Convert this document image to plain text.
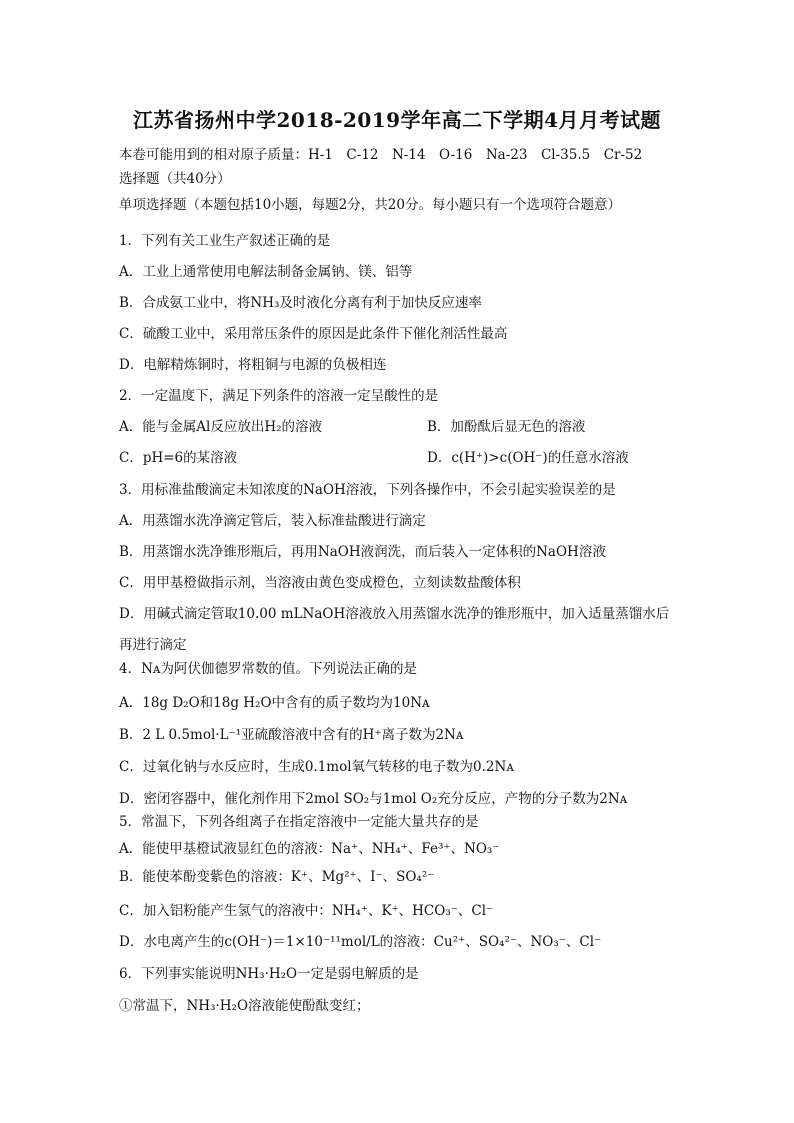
江苏省扬州中学2018-2019学年高二下学期4月月考试题
本卷可能用到的相对原子质量：H-1　C-12　N-14　O-16　Na-23　Cl-35.5　Cr-52
选择题（共40分）
单项选择题（本题包括10小题，每题2分，共20分。每小题只有一个选项符合题意）
1．下列有关工业生产叙述正确的是
A．工业上通常使用电解法制备金属钠、镁、铝等
B．合成氨工业中，将NH₃及时液化分离有利于加快反应速率
C．硫酸工业中，采用常压条件的原因是此条件下催化剂活性最高
D．电解精炼铜时，将粗铜与电源的负极相连
2．一定温度下，满足下列条件的溶液一定呈酸性的是
A．能与金属Al反应放出H₂的溶液	B．加酚酞后显无色的溶液
C．pH=6的某溶液	D．c(H⁺)>c(OH⁻)的任意水溶液
3．用标准盐酸滴定未知浓度的NaOH溶液，下列各操作中，不会引起实验误差的是
A．用蒸馏水洗净滴定管后，装入标准盐酸进行滴定
B．用蒸馏水洗净锥形瓶后，再用NaOH液润洗，而后装入一定体积的NaOH溶液
C．用甲基橙做指示剂，当溶液由黄色变成橙色，立刻读数盐酸体积
D．用碱式滴定管取10.00 mLNaOH溶液放入用蒸馏水洗净的锥形瓶中，加入适量蒸馏水后
再进行滴定
4．Nᴀ为阿伏伽德罗常数的值。下列说法正确的是
A．18g D₂O和18g H₂O中含有的质子数均为10Nᴀ
B．2 L 0.5mol·L⁻¹亚硫酸溶液中含有的H⁺离子数为2Nᴀ
C．过氧化钠与水反应时，生成0.1mol氧气转移的电子数为0.2Nᴀ
D．密闭容器中，催化剂作用下2mol SO₂与1mol O₂充分反应，产物的分子数为2Nᴀ
5．常温下，下列各组离子在指定溶液中一定能大量共存的是
A．能使甲基橙试液显红色的溶液：Na⁺、NH₄⁺、Fe³⁺、NO₃⁻
B．能使苯酚变紫色的溶液：K⁺、Mg²⁺、I⁻、SO₄²⁻
C．加入铝粉能产生氢气的溶液中：NH₄⁺、K⁺、HCO₃⁻、Cl⁻
D．水电离产生的c(OH⁻)＝1×10⁻¹¹mol/L的溶液：Cu²⁺、SO₄²⁻、NO₃⁻、Cl⁻
6．下列事实能说明NH₃·H₂O一定是弱电解质的是
①常温下，NH₃·H₂O溶液能使酚酞变红；
